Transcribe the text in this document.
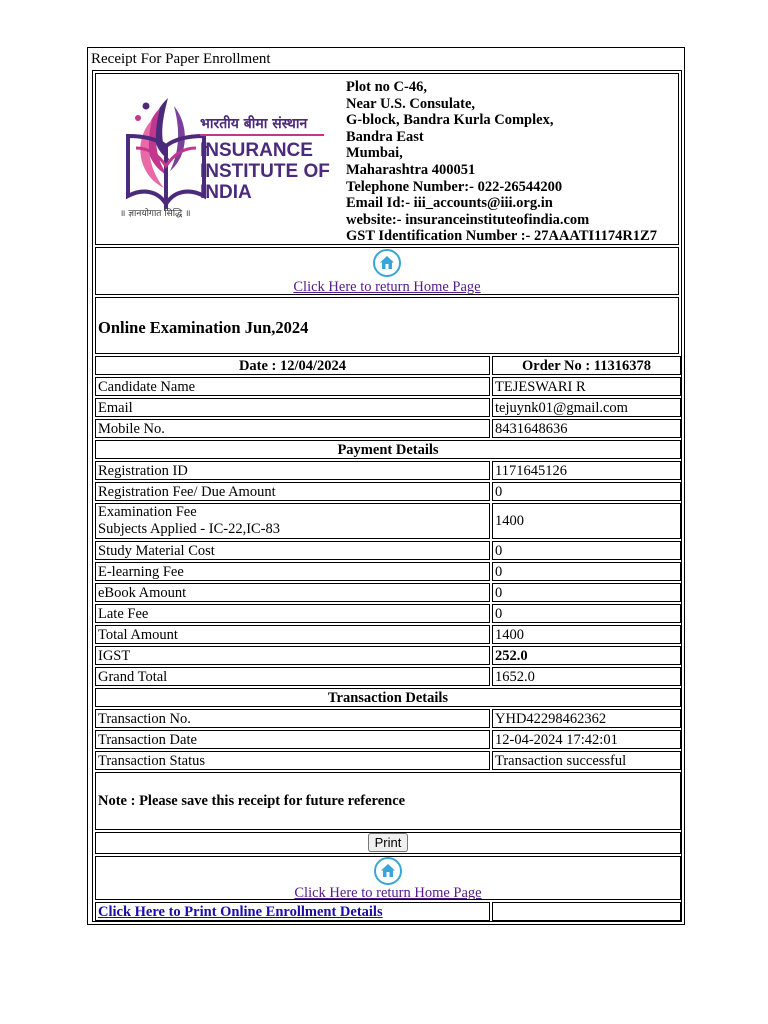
Receipt For Paper Enrollment
भारतीय बीमा संस्थान
INSURANCE
INSTITUTE OF
INDIA
॥ ज्ञानयोगात सिद्धि ॥
Plot no C-46,
Near U.S. Consulate,
G-block, Bandra Kurla Complex,
Bandra East
Mumbai,
Maharashtra 400051
Telephone Number:- 022-26544200
Email Id:- iii_accounts@iii.org.in
website:- insuranceinstituteofindia.com
GST Identification Number :- 27AAATI1174R1Z7
Click Here to return Home Page
Online Examination Jun,2024
Date : 12/04/2024	Order No : 11316378
Candidate Name	TEJESWARI R
Email	tejuynk01@gmail.com
Mobile No.	8431648636
Payment Details
Registration ID	1171645126
Registration Fee/ Due Amount	0
Examination Fee
Subjects Applied - IC-22,IC-83	1400
Study Material Cost	0
E-learning Fee	0
eBook Amount	0
Late Fee	0
Total Amount	1400
IGST	252.0
Grand Total	1652.0
Transaction Details
Transaction No.	YHD42298462362
Transaction Date	12-04-2024 17:42:01
Transaction Status	Transaction successful
Note : Please save this receipt for future reference
Print
Click Here to return Home Page
Click Here to Print Online Enrollment Details
